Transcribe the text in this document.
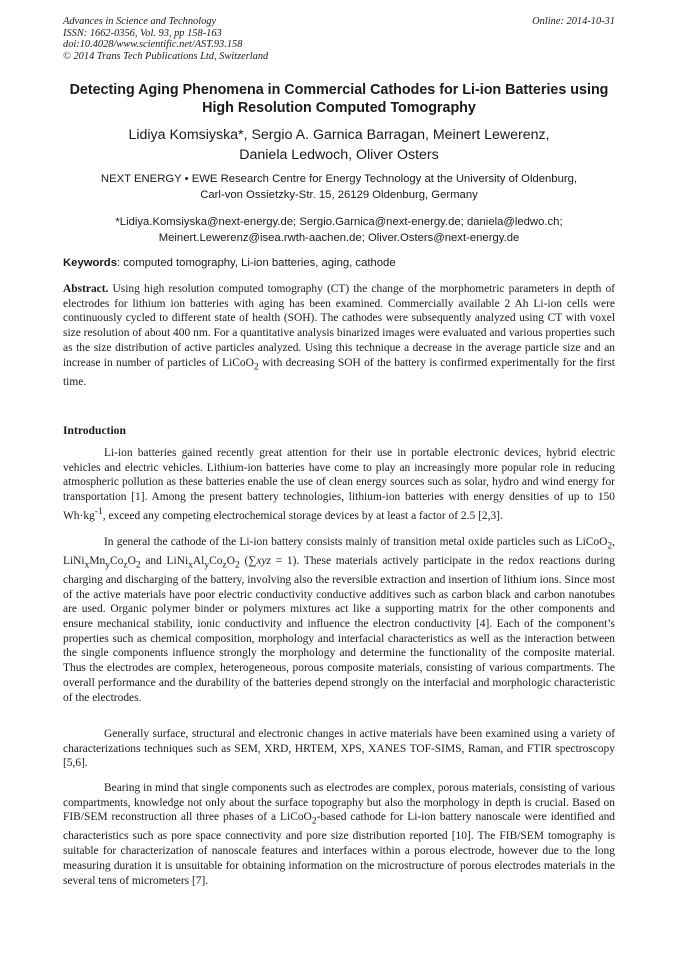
Advances in Science and Technology
ISSN: 1662-0356, Vol. 93, pp 158-163
doi:10.4028/www.scientific.net/AST.93.158
© 2014 Trans Tech Publications Ltd, Switzerland
Online: 2014-10-31
Detecting Aging Phenomena in Commercial Cathodes for Li-ion Batteries using High Resolution Computed Tomography
Lidiya Komsiyska*, Sergio A. Garnica Barragan, Meinert Lewerenz,
Daniela Ledwoch, Oliver Osters
NEXT ENERGY • EWE Research Centre for Energy Technology at the University of Oldenburg,
Carl-von Ossietzky-Str. 15, 26129 Oldenburg, Germany
*Lidiya.Komsiyska@next-energy.de; Sergio.Garnica@next-energy.de; daniela@ledwo.ch;
Meinert.Lewerenz@isea.rwth-aachen.de; Oliver.Osters@next-energy.de
Keywords: computed tomography, Li-ion batteries, aging, cathode
Abstract. Using high resolution computed tomography (CT) the change of the morphometric parameters in depth of electrodes for lithium ion batteries with aging has been examined. Commercially available 2 Ah Li-ion cells were continuously cycled to different state of health (SOH). The cathodes were subsequently analyzed using CT with voxel size resolution of about 400 nm. For a quantitative analysis binarized images were evaluated and various properties such as the size distribution of active particles analyzed. Using this technique a decrease in the average particle size and an increase in number of particles of LiCoO$_2$ with decreasing SOH of the battery is confirmed experimentally for the first time.
Introduction
Li-ion batteries gained recently great attention for their use in portable electronic devices, hybrid electric vehicles and electric vehicles. Lithium-ion batteries have come to play an increasingly more popular role in reducing atmospheric pollution as these batteries enable the use of clean energy sources such as solar, hydro and wind energy for transportation [1]. Among the present battery technologies, lithium-ion batteries with energy densities of up to 150 $Wh\cdot kg^{-1}$, exceed any competing electrochemical storage devices by at least a factor of 2.5 [2,3].
In general the cathode of the Li-ion battery consists mainly of transition metal oxide particles such as LiCoO$_2$, $LiNi_xMn_yCo_zO_2$ and $LiNi_xAl_yCo_zO_2$ (∑xyz = 1). These materials actively participate in the redox reactions during charging and discharging of the battery, involving also the reversible extraction and insertion of lithium ions. Since most of the active materials have poor electric conductivity conductive additives such as carbon black and carbon nanotubes are used. Organic polymer binder or polymers mixtures act like a supporting matrix for the other components and ensure mechanical stability, ionic conductivity and influence the electron conductivity [4]. Each of the component’s properties such as chemical composition, morphology and interfacial characteristics as well as the interaction between the single components influence strongly the morphology and determine the functionality of the composite material. Thus the electrodes are complex, heterogeneous, porous composite materials, consisting of various compartments. The overall performance and the durability of the batteries depend strongly on the interfacial and morphologic characteristic of the electrodes.
Generally surface, structural and electronic changes in active materials have been examined using a variety of characterizations techniques such as SEM, XRD, HRTEM, XPS, XANES TOF-SIMS, Raman, and FTIR spectroscopy [5,6].
Bearing in mind that single components such as electrodes are complex, porous materials, consisting of various compartments, knowledge not only about the surface topography but also the morphology in depth is crucial. Based on FIB/SEM reconstruction all three phases of a LiCoO$_2$-based cathode for Li-ion battery nanoscale were identified and characteristics such as pore space connectivity and pore size distribution reported [10]. The FIB/SEM tomography is suitable for characterization of nanoscale features and interfaces within a porous electrode, however due to the long measuring duration it is unsuitable for obtaining information on the microstructure of porous electrodes materials in the several tens of micrometers [7].
